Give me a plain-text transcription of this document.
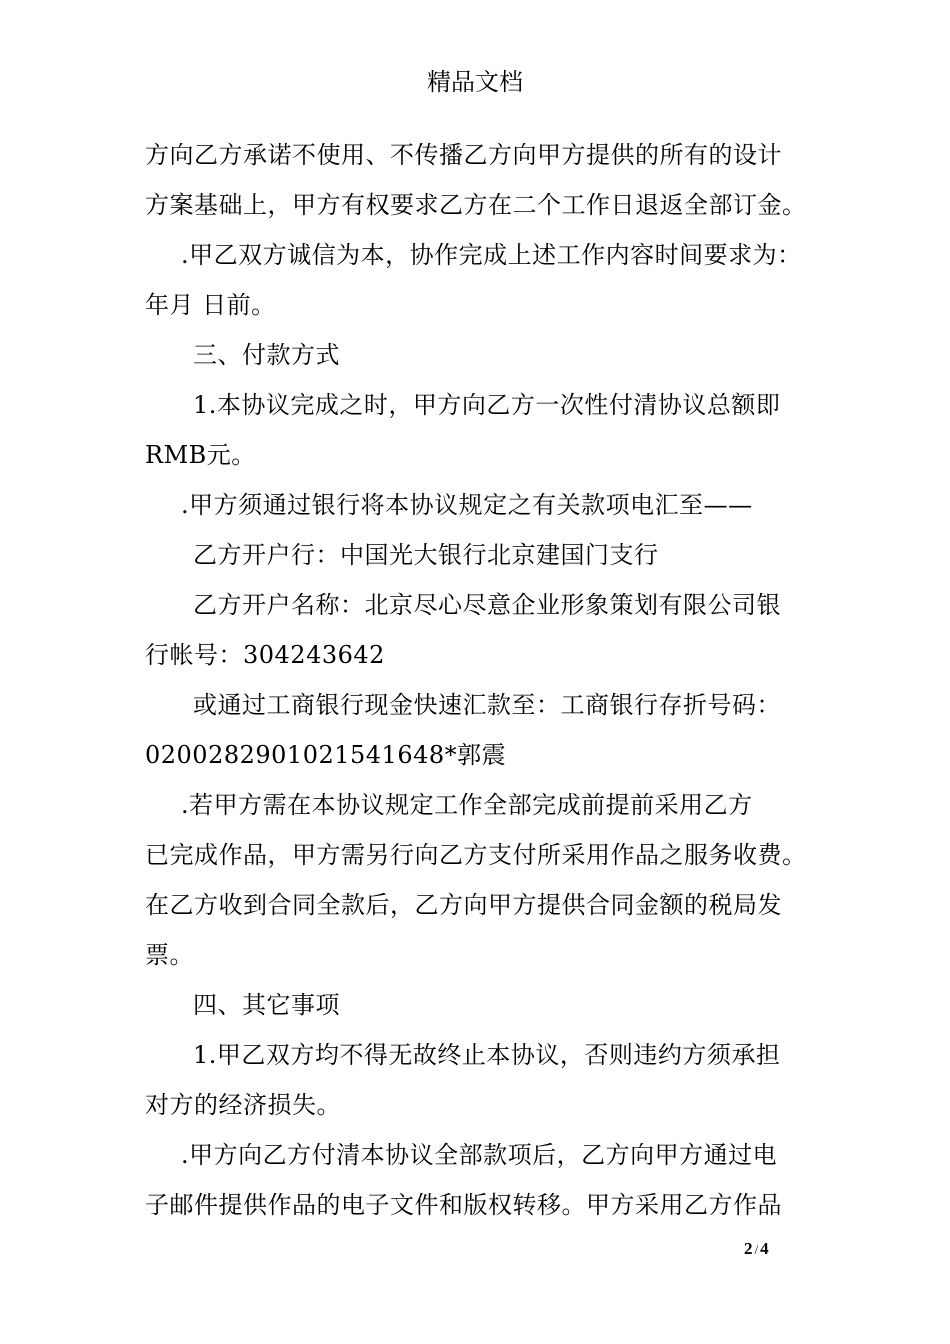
精品文档
方向乙方承诺不使用、不传播乙方向甲方提供的所有的设计
方案基础上，甲方有权要求乙方在二个工作日退返全部订金。
.甲乙双方诚信为本，协作完成上述工作内容时间要求为：
年月 日前。
三、付款方式
1.本协议完成之时，甲方向乙方一次性付清协议总额即
RMB元。
.甲方须通过银行将本协议规定之有关款项电汇至——
乙方开户行：中国光大银行北京建国门支行
乙方开户名称：北京尽心尽意企业形象策划有限公司银
行帐号：304243642
或通过工商银行现金快速汇款至：工商银行存折号码：
0200282901021541648*郭震
.若甲方需在本协议规定工作全部完成前提前采用乙方
已完成作品，甲方需另行向乙方支付所采用作品之服务收费。
在乙方收到合同全款后，乙方向甲方提供合同金额的税局发
票。
四、其它事项
1.甲乙双方均不得无故终止本协议，否则违约方须承担
对方的经济损失。
.甲方向乙方付清本协议全部款项后，乙方向甲方通过电
子邮件提供作品的电子文件和版权转移。甲方采用乙方作品
2 / 4
